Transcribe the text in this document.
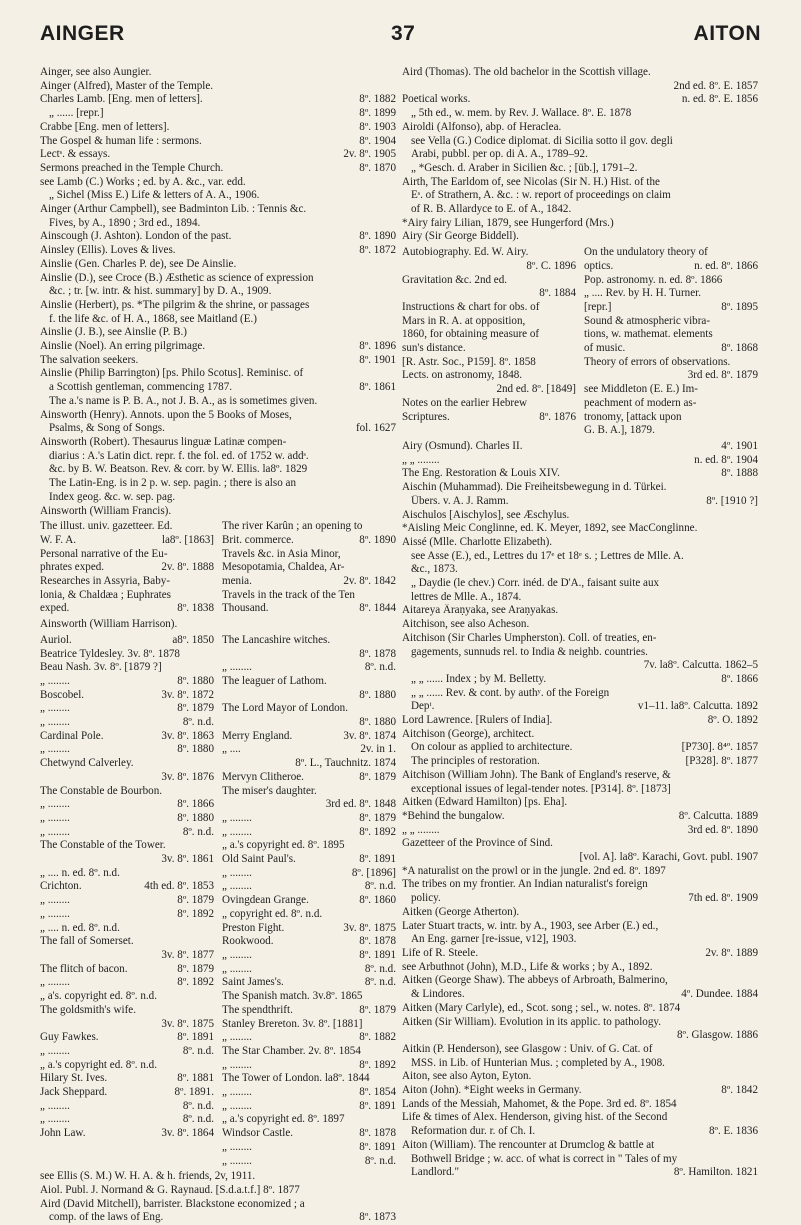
AINGER	37	AITON
Ainger, see also Aungier.
Ainger (Alfred), Master of the Temple.
Charles Lamb. [Eng. men of letters].	8º. 1882
„ ...... [repr.]	8º. 1899
Crabbe [Eng. men of letters].	8º. 1903
The Gospel & human life : sermons.	8º. 1904
Lectˢ. & essays.	2v. 8º. 1905
Sermons preached in the Temple Church.	8º. 1870
see Lamb (C.) Works ; ed. by A. &c., var. edd.
„ Sichel (Miss E.) Life & letters of A. A., 1906.
Ainger (Arthur Campbell), see Badminton Lib. : Tennis &c.
Fives, by A., 1890 ; 3rd ed., 1894.
Ainscough (J. Ashton). London of the past.	8º. 1890
Ainsley (Ellis). Loves & lives.	8º. 1872
Ainslie (Gen. Charles P. de), see De Ainslie.
Ainslie (D.), see Croce (B.) Æsthetic as science of expression
&c. ; tr. [w. intr. & hist. summary] by D. A., 1909.
Ainslie (Herbert), ps. *The pilgrim & the shrine, or passages
f. the life &c. of H. A., 1868, see Maitland (E.)
Ainslie (J. B.), see Ainslie (P. B.)
Ainslie (Noel). An erring pilgrimage.	8º. 1896
The salvation seekers.	8º. 1901
Ainslie (Philip Barrington) [ps. Philo Scotus]. Reminisc. of
a Scottish gentleman, commencing 1787.	8º. 1861
The a.'s name is P. B. A., not J. B. A., as is sometimes given.
Ainsworth (Henry). Annots. upon the 5 Books of Moses,
Psalms, & Song of Songs.	fol. 1627
Ainsworth (Robert). Thesaurus linguæ Latinæ compen-
diarius : A.'s Latin dict. repr. f. the fol. ed. of 1752 w. addˢ.
&c. by B. W. Beatson. Rev. & corr. by W. Ellis. la8º. 1829
The Latin-Eng. is in 2 p. w. sep. pagin. ; there is also an
Index geog. &c. w. sep. pag.
Ainsworth (William Francis).
The illust. univ. gazetteer. Ed.
W. F. A.	la8º. [1863]
Personal narrative of the Eu-
phrates exped.	2v. 8º. 1888
Researches in Assyria, Baby-
lonia, & Chaldæa ; Euphrates
exped.	8º. 1838
The river Karûn ; an opening to
Brit. commerce.	8º. 1890
Travels &c. in Asia Minor,
Mesopotamia, Chaldea, Ar-
menia.	2v. 8º. 1842
Travels in the track of the Ten
Thousand.	8º. 1844
Ainsworth (William Harrison).
Auriol.	a8º. 1850
Beatrice Tyldesley. 3v. 8º. 1878
Beau Nash. 3v. 8º. [1879 ?]
„ ........	8º. 1880
Boscobel.	3v. 8º. 1872
„ ........	8º. 1879
„ ........	8º. n.d.
Cardinal Pole.	3v. 8º. 1863
„ ........	8º. 1880
Chetwynd Calverley.
3v. 8º. 1876
The Constable de Bourbon.
„ ........	8º. 1866
„ ........	8º. 1880
„ ........	8º. n.d.
The Constable of the Tower.
3v. 8º. 1861
„ .... n. ed. 8º. n.d.
Crichton.	4th ed. 8º. 1853
„ ........	8º. 1879
„ ........	8º. 1892
„ .... n. ed. 8º. n.d.
The fall of Somerset.
3v. 8º. 1877
The flitch of bacon.	8º. 1879
„ ........	8º. 1892
„ a's. copyright ed. 8º. n.d.
The goldsmith's wife.
3v. 8º. 1875
Guy Fawkes.	8º. 1891
„ ........	8º. n.d.
„ a.'s copyright ed. 8º. n.d.
Hilary St. Ives.	8º. 1881
Jack Sheppard.	8º. 1891.
„ ........	8º. n.d.
„ ........	8º. n.d.
John Law.	3v. 8º. 1864
The Lancashire witches.
8º. 1878
„ ........	8º. n.d.
The leaguer of Lathom.
8º. 1880
The Lord Mayor of London.
8º. 1880
Merry England.	3v. 8º. 1874
„ ....	2v. in 1.
8º. L., Tauchnitz. 1874
Mervyn Clitheroe.	8º. 1879
The miser's daughter.
3rd ed. 8º. 1848
„ ........	8º. 1879
„ ........	8º. 1892
„ a.'s copyright ed. 8º. 1895
Old Saint Paul's.	8º. 1891
„ ........	8º. [1896]
„ ........	8º. n.d.
Ovingdean Grange.	8º. 1860
„ copyright ed. 8º. n.d.
Preston Fight.	3v. 8º. 1875
Rookwood.	8º. 1878
„ ........	8º. 1891
„ ........	8º. n.d.
Saint James's.	8º. n.d.
The Spanish match. 3v.8º. 1865
The spendthrift.	8º. 1879
Stanley Brereton. 3v. 8º. [1881]
„ ........	8º. 1882
The Star Chamber. 2v. 8º. 1854
„ ........	8º. 1892
The Tower of London. la8º. 1844
„ ........	8º. 1854
„ ........	8º. 1891
„ a.'s copyright ed. 8º. 1897
Windsor Castle.	8º. 1878
„ ........	8º. 1891
„ ........	8º. n.d.
see Ellis (S. M.) W. H. A. & h. friends, 2v, 1911.
Aiol. Publ. J. Normand & G. Raynaud. [S.d.a.t.f.] 8º. 1877
Aird (David Mitchell), barrister. Blackstone economized ; a
comp. of the laws of Eng.	8º. 1873
Aird (Thomas). The old bachelor in the Scottish village.
2nd ed. 8º. E. 1857
Poetical works.	n. ed. 8º. E. 1856
„ 5th ed., w. mem. by Rev. J. Wallace. 8º. E. 1878
Airoldi (Alfonso), abp. of Heraclea.
see Vella (G.) Codice diplomat. di Sicilia sotto il gov. degli
Arabi, pubbl. per op. di A. A., 1789–92.
„ *Gesch. d. Araber in Sicilien &c. ; [üb.], 1791–2.
Airth, The Earldom of, see Nicolas (Sir N. H.) Hist. of the
Eˢ. of Strathern, A. &c. : w. report of proceedings on claim
of R. B. Allardyce to E. of A., 1842.
*Airy fairy Lilian, 1879, see Hungerford (Mrs.)
Airy (Sir George Biddell).
Autobiography. Ed. W. Airy.
8º. C. 1896
Gravitation &c. 2nd ed.
8º. 1884
Instructions & chart for obs. of
Mars in R. A. at opposition,
1860, for obtaining measure of
sun's distance.
[R. Astr. Soc., P159]. 8º. 1858
Lects. on astronomy, 1848.
2nd ed. 8º. [1849]
Notes on the earlier Hebrew
Scriptures.	8º. 1876
On the undulatory theory of
optics.	n. ed. 8º. 1866
Pop. astronomy. n. ed. 8º. 1866
„ .... Rev. by H. H. Turner.
[repr.]	8º. 1895
Sound & atmospheric vibra-
tions, w. mathemat. elements
of music.	8º. 1868
Theory of errors of observations.
3rd ed. 8º. 1879
see Middleton (E. E.) Im-
peachment of modern as-
tronomy, [attack upon
G. B. A.], 1879.
Airy (Osmund). Charles II.	4º. 1901
„ „ ........	n. ed. 8º. 1904
The Eng. Restoration & Louis XIV.	8º. 1888
Aischin (Muhammad). Die Freiheitsbewegung in d. Türkei.
Übers. v. A. J. Ramm.	8º. [1910 ?]
Aischulos [Aischylos], see Æschylus.
*Aisling Meic Conglinne, ed. K. Meyer, 1892, see MacConglinne.
Aissé (Mlle. Charlotte Elizabeth).
see Asse (E.), ed., Lettres du 17ᵉ et 18ᵉ s. ; Lettres de Mlle. A.
&c., 1873.
„ Daydie (le chev.) Corr. inéd. de D'A., faisant suite aux
lettres de Mlle. A., 1874.
Aitareya Âraṇyaka, see Araṇyakas.
Aitchison, see also Acheson.
Aitchison (Sir Charles Umpherston). Coll. of treaties, en-
gagements, sunnuds rel. to India & neighb. countries.
7v. la8º. Calcutta. 1862–5
„ „ ...... Index ; by M. Belletty.	8º. 1866
„ „ ...... Rev. & cont. by authʸ. of the Foreign
Depᵗ.	v1–11. la8º. Calcutta. 1892
Lord Lawrence. [Rulers of India].	8º. O. 1892
Aitchison (George), architect.
On colour as applied to architecture.	[P730]. 8⁴º. 1857
The principles of restoration.	[P328]. 8º. 1877
Aitchison (William John). The Bank of England's reserve, &
exceptional issues of legal-tender notes. [P314]. 8º. [1873]
Aitken (Edward Hamilton) [ps. Eha].
*Behind the bungalow.	8º. Calcutta. 1889
„ „ ........	3rd ed. 8º. 1890
Gazetteer of the Province of Sind.
[vol. A]. la8º. Karachi, Govt. publ. 1907
*A naturalist on the prowl or in the jungle. 2nd ed. 8º. 1897
The tribes on my frontier. An Indian naturalist's foreign
policy.	7th ed. 8º. 1909
Aitken (George Atherton).
Later Stuart tracts, w. intr. by A., 1903, see Arber (E.) ed.,
An Eng. garner [re-issue, v12], 1903.
Life of R. Steele.	2v. 8º. 1889
see Arbuthnot (John), M.D., Life & works ; by A., 1892.
Aitken (George Shaw). The abbeys of Arbroath, Balmerino,
& Lindores.	4º. Dundee. 1884
Aitken (Mary Carlyle), ed., Scot. song ; sel., w. notes. 8º. 1874
Aitken (Sir William). Evolution in its applic. to pathology.
8º. Glasgow. 1886
Aitkin (P. Henderson), see Glasgow : Univ. of G. Cat. of
MSS. in Lib. of Hunterian Mus. ; completed by A., 1908.
Aiton, see also Ayton, Eyton.
Aiton (John). *Eight weeks in Germany.	8º. 1842
Lands of the Messiah, Mahomet, & the Pope. 3rd ed. 8º. 1854
Life & times of Alex. Henderson, giving hist. of the Second
Reformation dur. r. of Ch. I.	8º. E. 1836
Aiton (William). The rencounter at Drumclog & battle at
Bothwell Bridge ; w. acc. of what is correct in " Tales of my
Landlord."	8º. Hamilton. 1821
